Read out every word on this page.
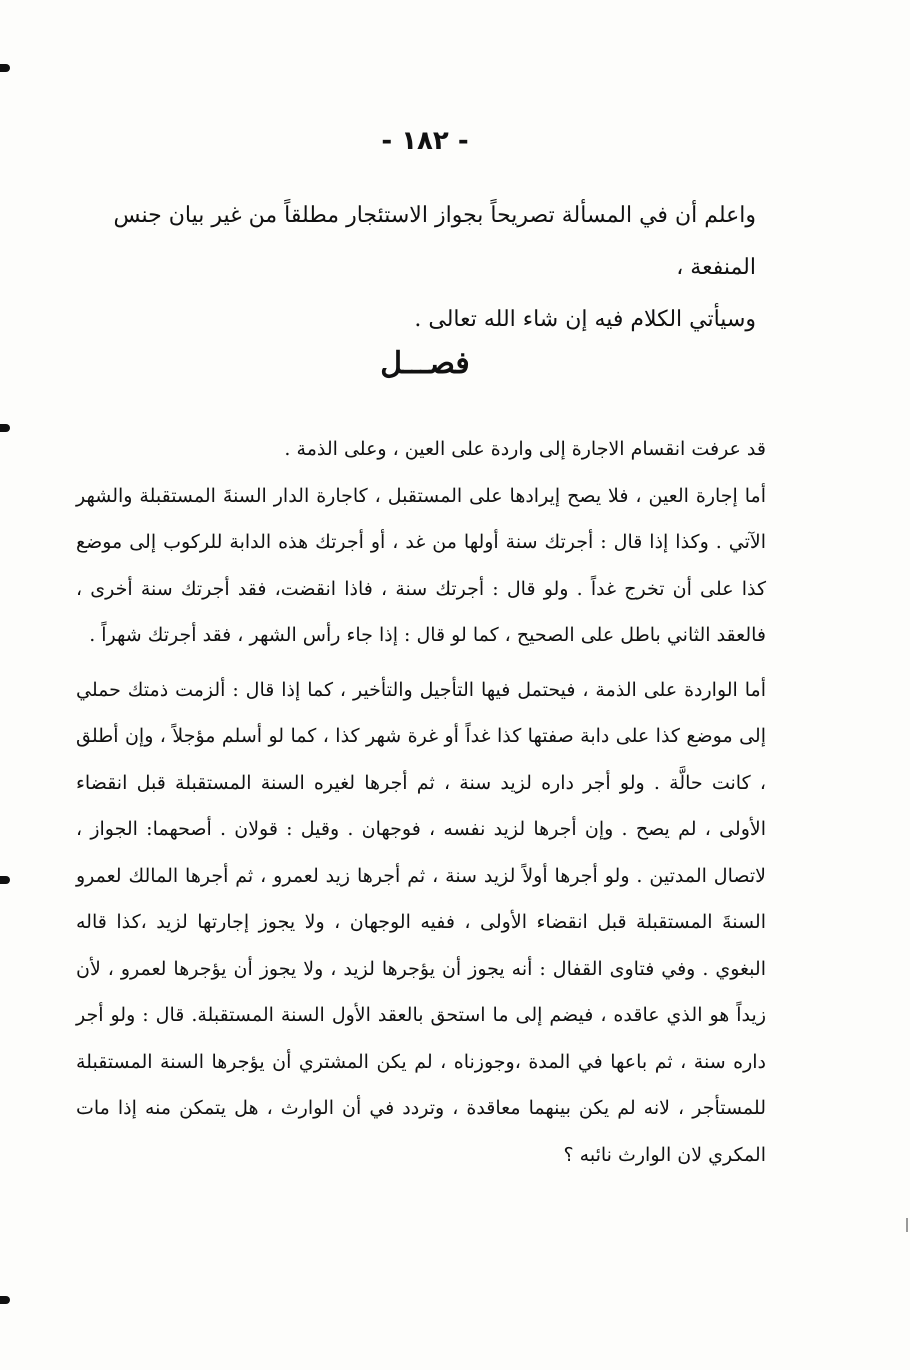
- ١٨٢ -

واعلم أن في المسألة تصريحاً بجواز الاستئجار مطلقاً من غير بيان جنس المنفعة ،

وسيأتي الكلام فيه إن شاء الله تعالى .

فصـــل

قد عرفت انقسام الاجارة إلى واردة على العين ، وعلى الذمة .

أما إجارة العين ، فلا يصح إيرادها على المستقبل ، كاجارة الدار السنةَ المستقبلة والشهر الآتي . وكذا إذا قال : أجرتك سنة أولها من غد ، أو أجرتك هذه الدابة للركوب إلى موضع كذا على أن تخرج غداً . ولو قال : أجرتك سنة ، فاذا انقضت، فقد أجرتك سنة أخرى ، فالعقد الثاني باطل على الصحيح ، كما لو قال : إذا جاء رأس الشهر ، فقد أجرتك شهراً .

أما الواردة على الذمة ، فيحتمل فيها التأجيل والتأخير ، كما إذا قال : ألزمت ذمتك حملي إلى موضع كذا على دابة صفتها كذا غداً أو غرة شهر كذا ، كما لو أسلم مؤجلاً ، وإن أطلق ، كانت حالَّة . ولو أجر داره لزيد سنة ، ثم أجرها لغيره السنة المستقبلة قبل انقضاء الأولى ، لم يصح . وإن أجرها لزيد نفسه ، فوجهان . وقيل : قولان . أصحهما: الجواز ، لاتصال المدتين . ولو أجرها أولاً لزيد سنة ، ثم أجرها زيد لعمرو ، ثم أجرها المالك لعمرو السنةَ المستقبلة قبل انقضاء الأولى ، ففيه الوجهان ، ولا يجوز إجارتها لزيد ،كذا قاله البغوي . وفي فتاوى القفال : أنه يجوز أن يؤجرها لزيد ، ولا يجوز أن يؤجرها لعمرو ، لأن زيداً هو الذي عاقده ، فيضم إلى ما استحق بالعقد الأول السنة المستقبلة. قال : ولو أجر داره سنة ، ثم باعها في المدة ،وجوزناه ، لم يكن المشتري أن يؤجرها السنة المستقبلة للمستأجر ، لانه لم يكن بينهما معاقدة ، وتردد في أن الوارث ، هل يتمكن منه إذا مات المكري لان الوارث نائبه ؟
